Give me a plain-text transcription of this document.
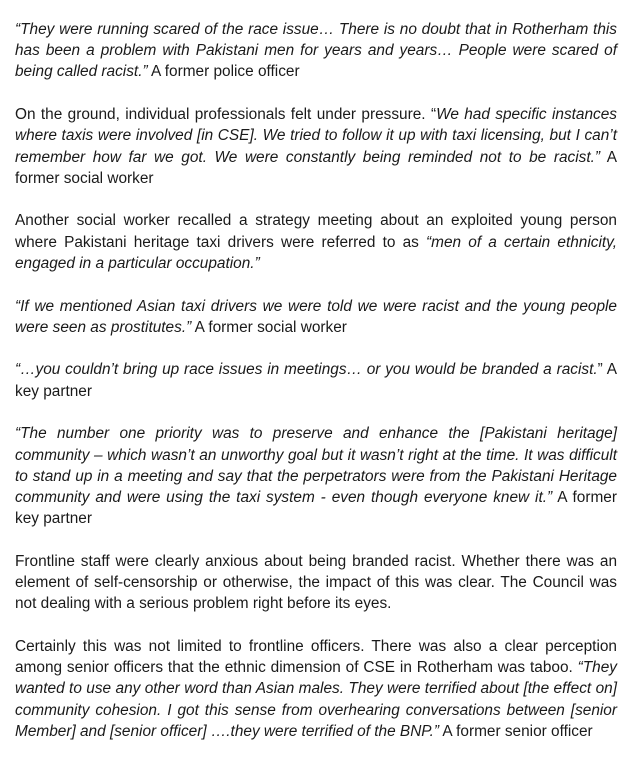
“They were running scared of the race issue… There is no doubt that in Rotherham this has been a problem with Pakistani men for years and years… People were scared of being called racist.” A former police officer

On the ground, individual professionals felt under pressure. “We had specific instances where taxis were involved [in CSE]. We tried to follow it up with taxi licensing, but I can’t remember how far we got. We were constantly being reminded not to be racist.” A former social worker

Another social worker recalled a strategy meeting about an exploited young person where Pakistani heritage taxi drivers were referred to as “men of a certain ethnicity, engaged in a particular occupation.”

“If we mentioned Asian taxi drivers we were told we were racist and the young people were seen as prostitutes.” A former social worker

“…you couldn’t bring up race issues in meetings… or you would be branded a racist.” A key partner

“The number one priority was to preserve and enhance the [Pakistani heritage] community – which wasn’t an unworthy goal but it wasn’t right at the time. It was difficult to stand up in a meeting and say that the perpetrators were from the Pakistani Heritage community and were using the taxi system - even though everyone knew it.” A former key partner

Frontline staff were clearly anxious about being branded racist. Whether there was an element of self-censorship or otherwise, the impact of this was clear. The Council was not dealing with a serious problem right before its eyes.

Certainly this was not limited to frontline officers. There was also a clear perception among senior officers that the ethnic dimension of CSE in Rotherham was taboo. “They wanted to use any other word than Asian males. They were terrified about [the effect on] community cohesion. I got this sense from overhearing conversations between [senior Member] and [senior officer] ….they were terrified of the BNP.” A former senior officer
